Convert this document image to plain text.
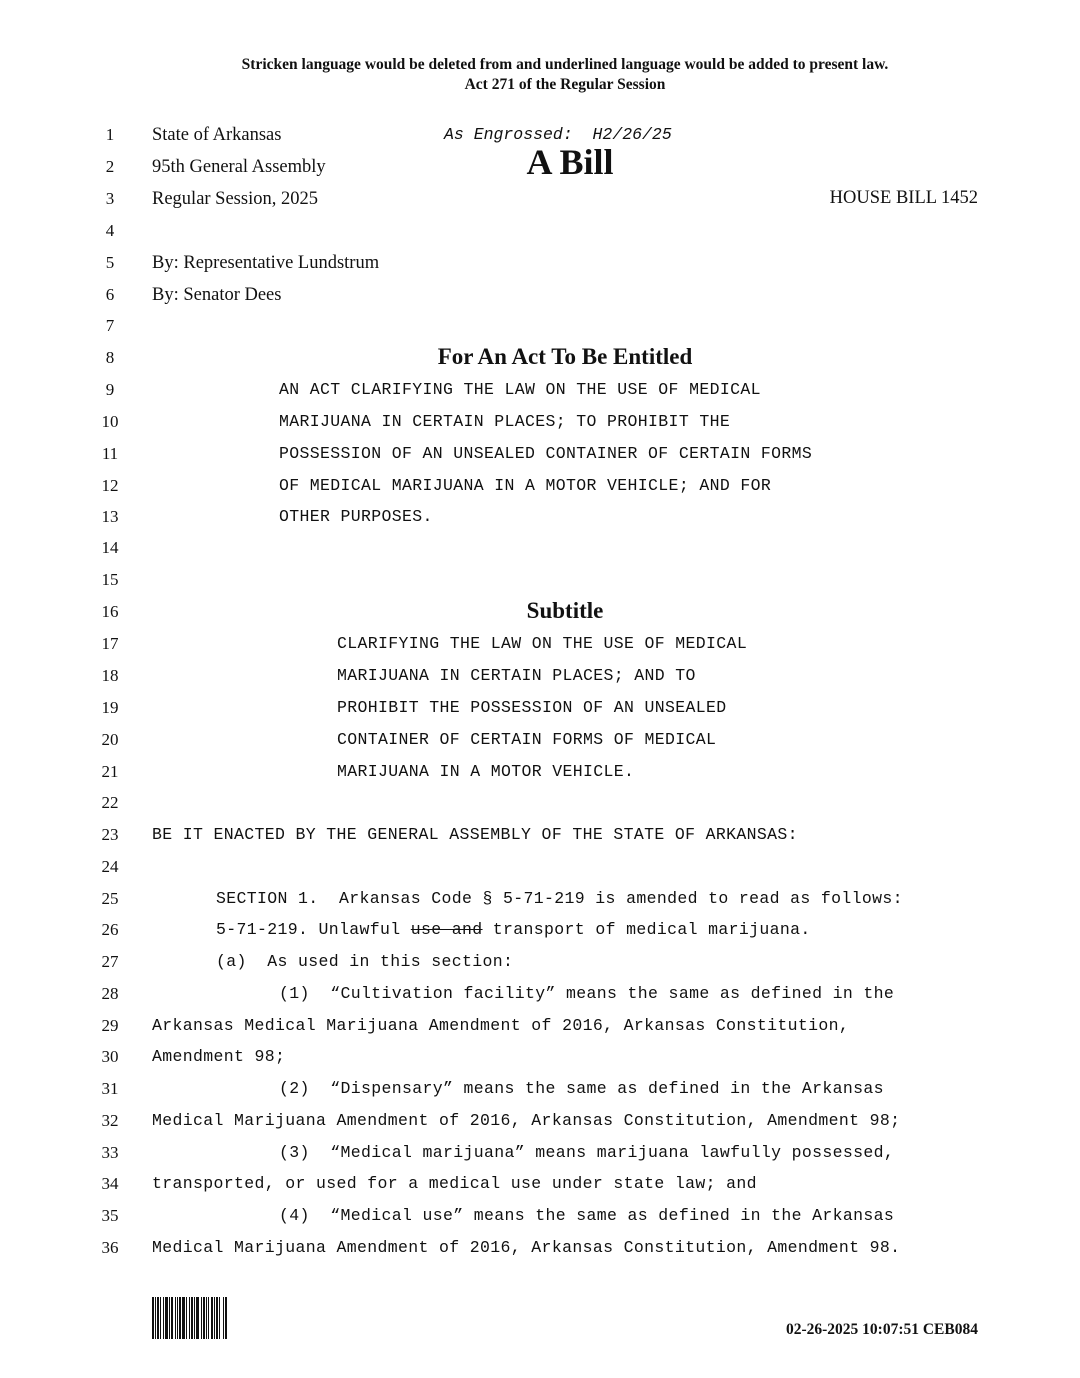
Stricken language would be deleted from and underlined language would be added to present law.
Act 271 of the Regular Session
1
2
3
4
5
6
7
8
9
10
11
12
13
14
15
16
17
18
19
20
21
22
23
24
25
26
27
28
29
30
31
32
33
34
35
36
State of Arkansas	As Engrossed:  H2/26/25
95th General Assembly	A Bill
Regular Session, 2025	HOUSE BILL 1452
By: Representative Lundstrum
By: Senator Dees
For An Act To Be Entitled
AN ACT CLARIFYING THE LAW ON THE USE OF MEDICAL
MARIJUANA IN CERTAIN PLACES; TO PROHIBIT THE
POSSESSION OF AN UNSEALED CONTAINER OF CERTAIN FORMS
OF MEDICAL MARIJUANA IN A MOTOR VEHICLE; AND FOR
OTHER PURPOSES.
Subtitle
CLARIFYING THE LAW ON THE USE OF MEDICAL
MARIJUANA IN CERTAIN PLACES; AND TO
PROHIBIT THE POSSESSION OF AN UNSEALED
CONTAINER OF CERTAIN FORMS OF MEDICAL
MARIJUANA IN A MOTOR VEHICLE.
BE IT ENACTED BY THE GENERAL ASSEMBLY OF THE STATE OF ARKANSAS:
SECTION 1.  Arkansas Code § 5-71-219 is amended to read as follows:
5-71-219. Unlawful use and transport of medical marijuana.
(a)  As used in this section:
(1)  “Cultivation facility” means the same as defined in the
Arkansas Medical Marijuana Amendment of 2016, Arkansas Constitution,
Amendment 98;
(2)  “Dispensary” means the same as defined in the Arkansas
Medical Marijuana Amendment of 2016, Arkansas Constitution, Amendment 98;
(3)  “Medical marijuana” means marijuana lawfully possessed,
transported, or used for a medical use under state law; and
(4)  “Medical use” means the same as defined in the Arkansas
Medical Marijuana Amendment of 2016, Arkansas Constitution, Amendment 98.
02-26-2025 10:07:51 CEB084
